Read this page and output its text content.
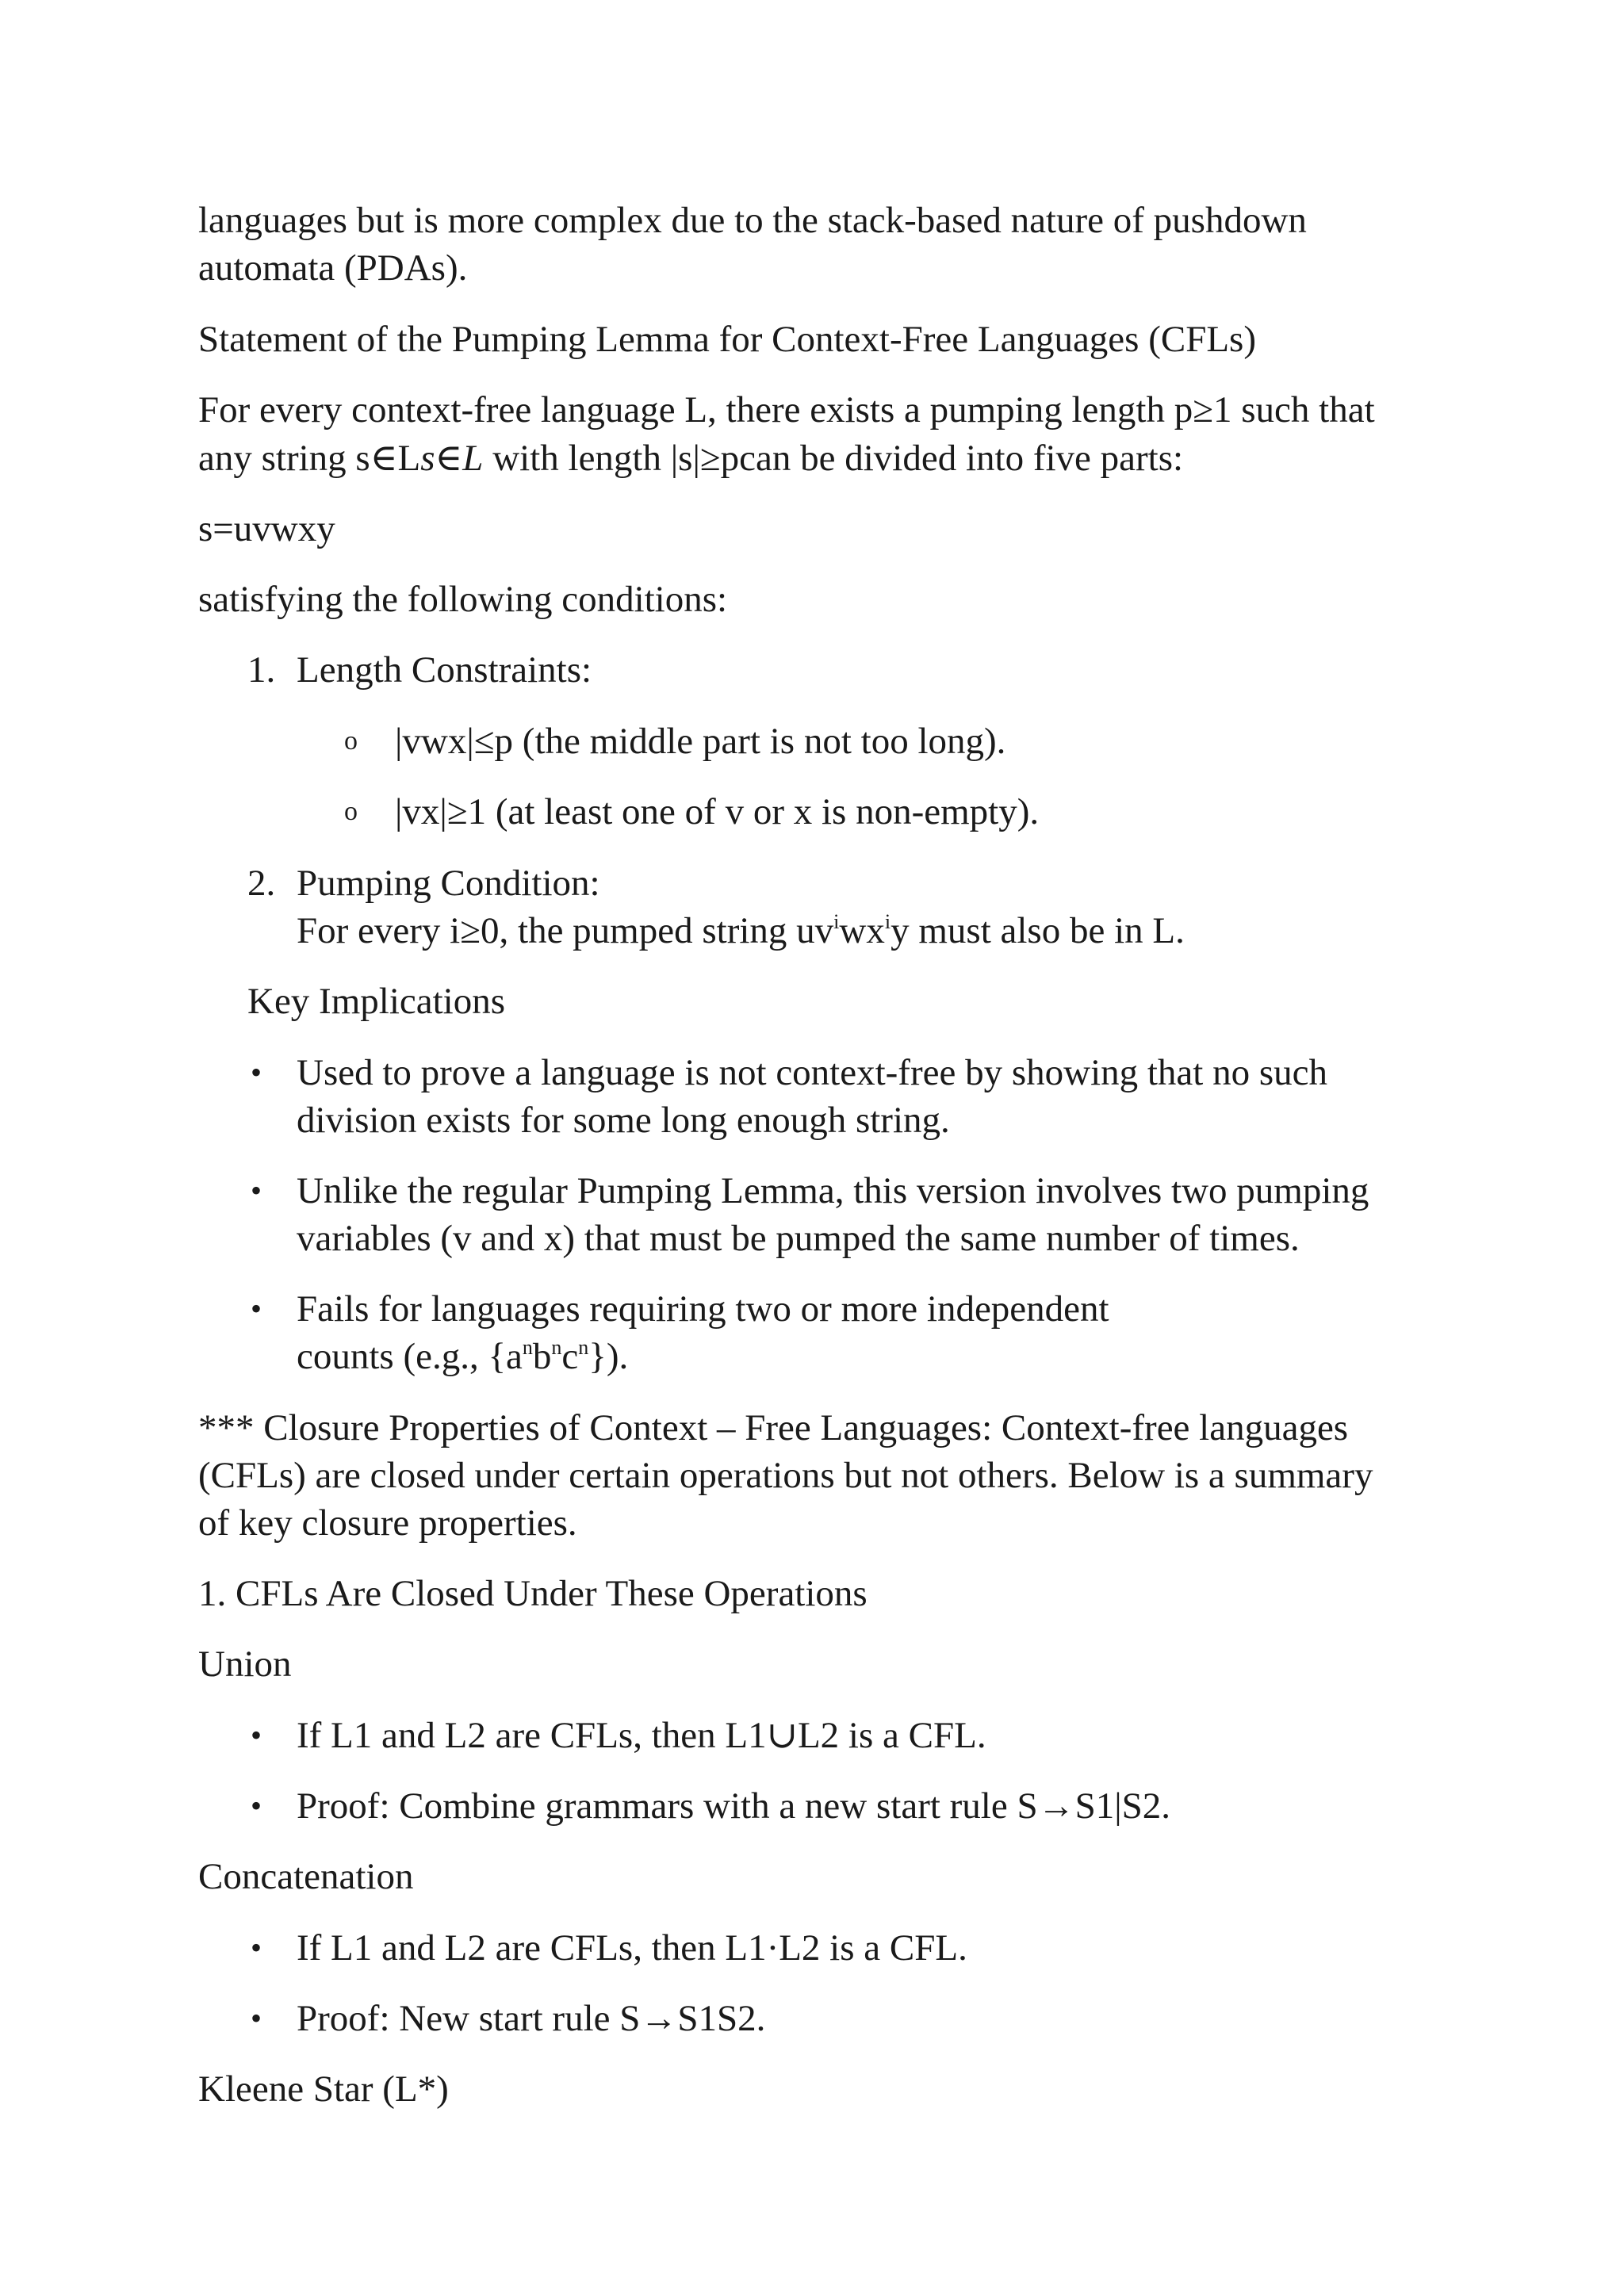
languages but is more complex due to the stack-based nature of pushdown

automata (PDAs).

Statement of the Pumping Lemma for Context-Free Languages (CFLs)

For every context-free language L, there exists a pumping length p≥1 such that

any string s∈Ls∈L with length |s|≥pcan be divided into five parts:

s=uvwxy

satisfying the following conditions:

1. Length Constraints:

o |vwx|≤p (the middle part is not too long).

o |vx|≥1 (at least one of v or x is non-empty).

2. Pumping Condition:

For every i≥0, the pumped string $uv^iwx^iy$ must also be in L.

Key Implications

• Used to prove a language is not context-free by showing that no such

division exists for some long enough string.

• Unlike the regular Pumping Lemma, this version involves two pumping

variables (v and x) that must be pumped the same number of times.

• Fails for languages requiring two or more independent

counts (e.g., $\{a^nb^nc^n\}$).

*** Closure Properties of Context – Free Languages: Context-free languages

(CFLs) are closed under certain operations but not others. Below is a summary

of key closure properties.

1. CFLs Are Closed Under These Operations

Union

• If L1 and L2 are CFLs, then L1∪L2 is a CFL.

• Proof: Combine grammars with a new start rule S→S1|S2.

Concatenation

• If L1 and L2 are CFLs, then L1·L2 is a CFL.

• Proof: New start rule S→S1S2.

Kleene Star (L*)
